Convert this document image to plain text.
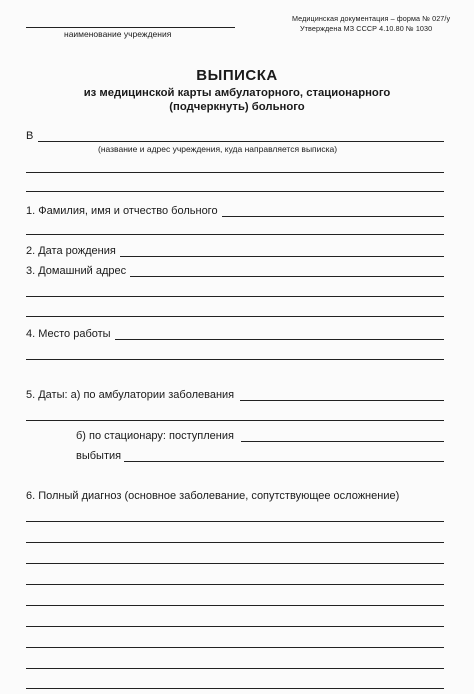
наименование учреждения
Медицинская документация – форма № 027/у
Утверждена МЗ СССР 4.10.80 № 1030
ВЫПИСКА
из медицинской карты амбулаторного, стационарного
(подчеркнуть) больного
В
(название и адрес учреждения, куда направляется выписка)
1. Фамилия, имя и отчество больного
2. Дата рождения
3. Домашний адрес
4. Место работы
5. Даты: а) по амбулатории заболевания
б) по стационару: поступления
выбытия
6. Полный диагноз (основное заболевание, сопутствующее осложнение)
